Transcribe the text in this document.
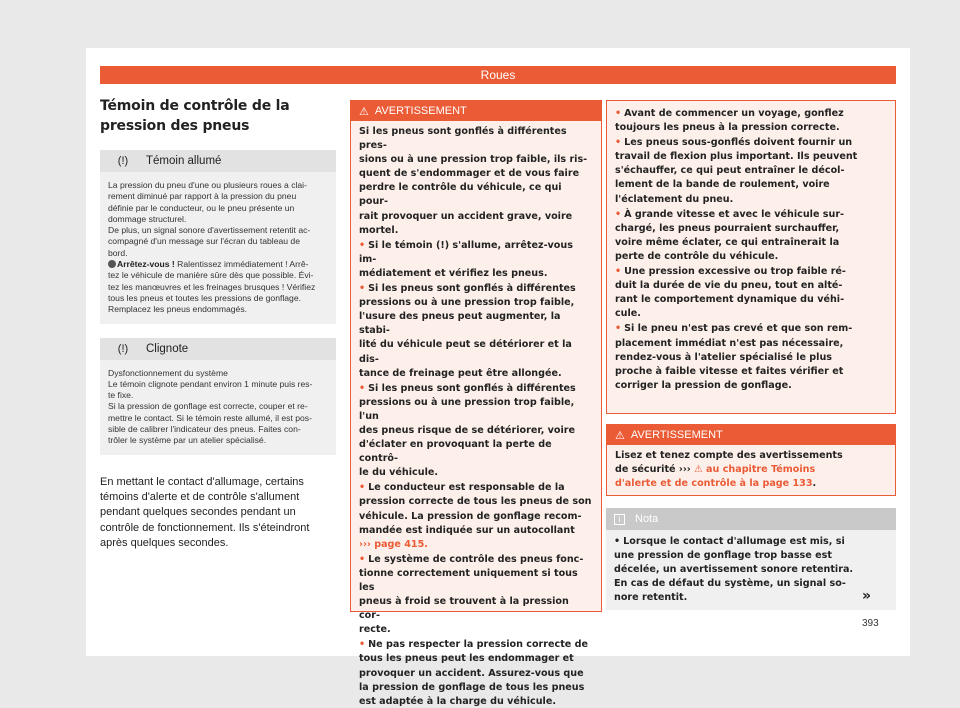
Roues
Témoin de contrôle de la pression des pneus
(!)	Témoin allumé
La pression du pneu d'une ou plusieurs roues a clai-
rement diminué par rapport à la pression du pneu
définie par le conducteur, ou le pneu présente un
dommage structurel.
De plus, un signal sonore d'avertissement retentit ac-
compagné d'un message sur l'écran du tableau de
bord.
Arrêtez-vous ! Ralentissez immédiatement ! Arrê-
tez le véhicule de manière sûre dès que possible. Évi-
tez les manœuvres et les freinages brusques ! Vérifiez
tous les pneus et toutes les pressions de gonflage.
Remplacez les pneus endommagés.
(!)	Clignote
Dysfonctionnement du système
Le témoin clignote pendant environ 1 minute puis res-
te fixe.
Si la pression de gonflage est correcte, couper et re-
mettre le contact. Si le témoin reste allumé, il est pos-
sible de calibrer l'indicateur des pneus. Faites con-
trôler le système par un atelier spécialisé.
En mettant le contact d'allumage, certains
témoins d'alerte et de contrôle s'allument
pendant quelques secondes pendant un
contrôle de fonctionnement. Ils s'éteindront
après quelques secondes.
⚠ AVERTISSEMENT

Si les pneus sont gonflés à différentes pres-
sions ou à une pression trop faible, ils ris-
quent de s'endommager et de vous faire
perdre le contrôle du véhicule, ce qui pour-
rait provoquer un accident grave, voire
mortel.

• Si le témoin (!) s'allume, arrêtez-vous im-
médiatement et vérifiez les pneus.

• Si les pneus sont gonflés à différentes
pressions ou à une pression trop faible,
l'usure des pneus peut augmenter, la stabi-
lité du véhicule peut se détériorer et la dis-
tance de freinage peut être allongée.

• Si les pneus sont gonflés à différentes
pressions ou à une pression trop faible, l'un
des pneus risque de se détériorer, voire
d'éclater en provoquant la perte de contrô-
le du véhicule.

• Le conducteur est responsable de la
pression correcte de tous les pneus de son
véhicule. La pression de gonflage recom-
mandée est indiquée sur un autocollant
››› page 415.

• Le système de contrôle des pneus fonc-
tionne correctement uniquement si tous les
pneus à froid se trouvent à la pression cor-
recte.

• Ne pas respecter la pression correcte de
tous les pneus peut les endommager et
provoquer un accident. Assurez-vous que
la pression de gonflage de tous les pneus
est adaptée à la charge du véhicule.

• Avant de commencer un voyage, gonflez
toujours les pneus à la pression correcte.

• Les pneus sous-gonflés doivent fournir un
travail de flexion plus important. Ils peuvent
s'échauffer, ce qui peut entraîner le décol-
lement de la bande de roulement, voire
l'éclatement du pneu.

• À grande vitesse et avec le véhicule sur-
chargé, les pneus pourraient surchauffer,
voire même éclater, ce qui entraînerait la
perte de contrôle du véhicule.

• Une pression excessive ou trop faible ré-
duit la durée de vie du pneu, tout en alté-
rant le comportement dynamique du véhi-
cule.

• Si le pneu n'est pas crevé et que son rem-
placement immédiat n'est pas nécessaire,
rendez-vous à l'atelier spécialisé le plus
proche à faible vitesse et faites vérifier et
corriger la pression de gonflage.

⚠ AVERTISSEMENT
Lisez et tenez compte des avertissements
de sécurité ››› ⚠ au chapitre Témoins
d'alerte et de contrôle à la page 133.
i	Nota
• Lorsque le contact d'allumage est mis, si
une pression de gonflage trop basse est
décelée, un avertissement sonore retentira.
En cas de défaut du système, un signal so-
nore retentit.	»
393
